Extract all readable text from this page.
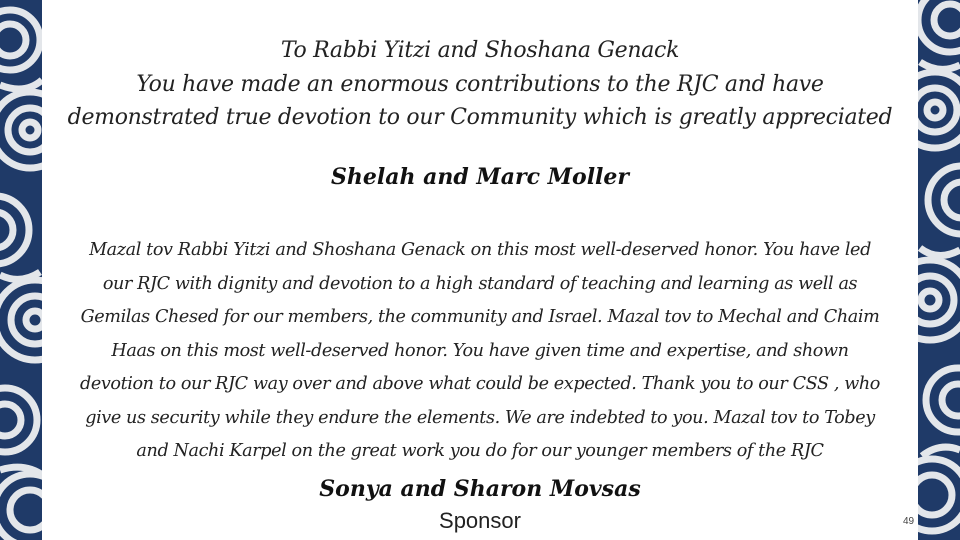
To Rabbi Yitzi and Shoshana Genack
You have made an enormous contributions to the RJC and have
demonstrated true devotion to our Community which is greatly appreciated
Shelah and Marc Moller
Mazal tov Rabbi Yitzi and Shoshana Genack on this most well-deserved honor. You have led
our RJC with dignity and devotion to a high standard of teaching and learning as well as
Gemilas Chesed for our members, the community and Israel. Mazal tov to Mechal and Chaim
Haas on this most well-deserved honor. You have given time and expertise, and shown
devotion to our RJC way over and above what could be expected. Thank you to our CSS , who
give us security while they endure the elements. We are indebted to you. Mazal tov to Tobey
and Nachi Karpel on the great work you do for our younger members of the RJC
Sonya and Sharon Movsas
Sponsor	49
